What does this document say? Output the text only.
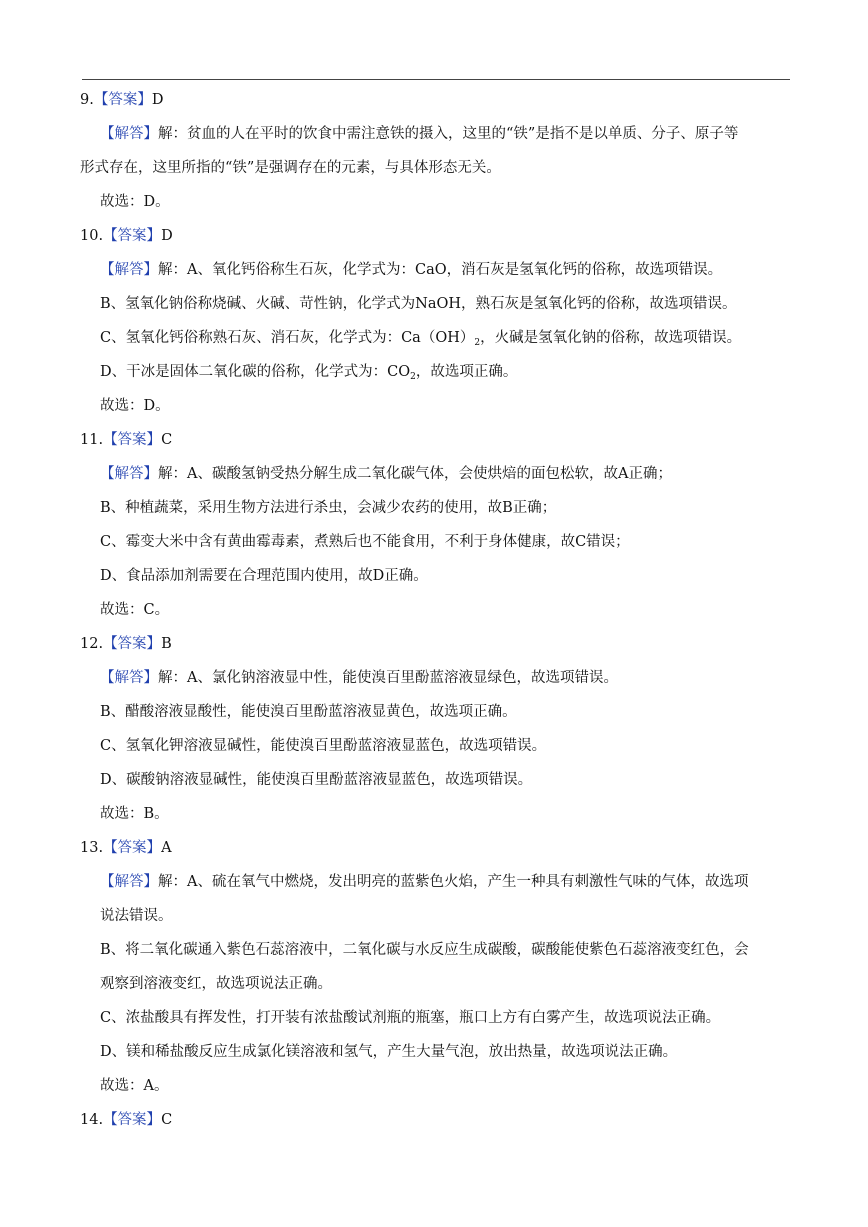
9.【答案】D
【解答】解：贫血的人在平时的饮食中需注意铁的摄入，这里的“铁”是指不是以单质、分子、原子等
形式存在，这里所指的“铁”是强调存在的元素，与具体形态无关。
故选：D。
10.【答案】D
【解答】解：A、氧化钙俗称生石灰，化学式为：CaO，消石灰是氢氧化钙的俗称，故选项错误。
B、氢氧化钠俗称烧碱、火碱、苛性钠，化学式为NaOH，熟石灰是氢氧化钙的俗称，故选项错误。
C、氢氧化钙俗称熟石灰、消石灰，化学式为：$Ca(OH)_2$，火碱是氢氧化钠的俗称，故选项错误。
D、干冰是固体二氧化碳的俗称，化学式为：$CO_2$，故选项正确。
故选：D。
11.【答案】C
【解答】解：A、碳酸氢钠受热分解生成二氧化碳气体，会使烘焙的面包松软，故A正确；
B、种植蔬菜，采用生物方法进行杀虫，会减少农药的使用，故B正确；
C、霉变大米中含有黄曲霉毒素，煮熟后也不能食用，不利于身体健康，故C错误；
D、食品添加剂需要在合理范围内使用，故D正确。
故选：C。
12.【答案】B
【解答】解：A、氯化钠溶液显中性，能使溴百里酚蓝溶液显绿色，故选项错误。
B、醋酸溶液显酸性，能使溴百里酚蓝溶液显黄色，故选项正确。
C、氢氧化钾溶液显碱性，能使溴百里酚蓝溶液显蓝色，故选项错误。
D、碳酸钠溶液显碱性，能使溴百里酚蓝溶液显蓝色，故选项错误。
故选：B。
13.【答案】A
【解答】解：A、硫在氧气中燃烧，发出明亮的蓝紫色火焰，产生一种具有刺激性气味的气体，故选项
说法错误。
B、将二氧化碳通入紫色石蕊溶液中，二氧化碳与水反应生成碳酸，碳酸能使紫色石蕊溶液变红色，会
观察到溶液变红，故选项说法正确。
C、浓盐酸具有挥发性，打开装有浓盐酸试剂瓶的瓶塞，瓶口上方有白雾产生，故选项说法正确。
D、镁和稀盐酸反应生成氯化镁溶液和氢气，产生大量气泡，放出热量，故选项说法正确。
故选：A。
14.【答案】C
